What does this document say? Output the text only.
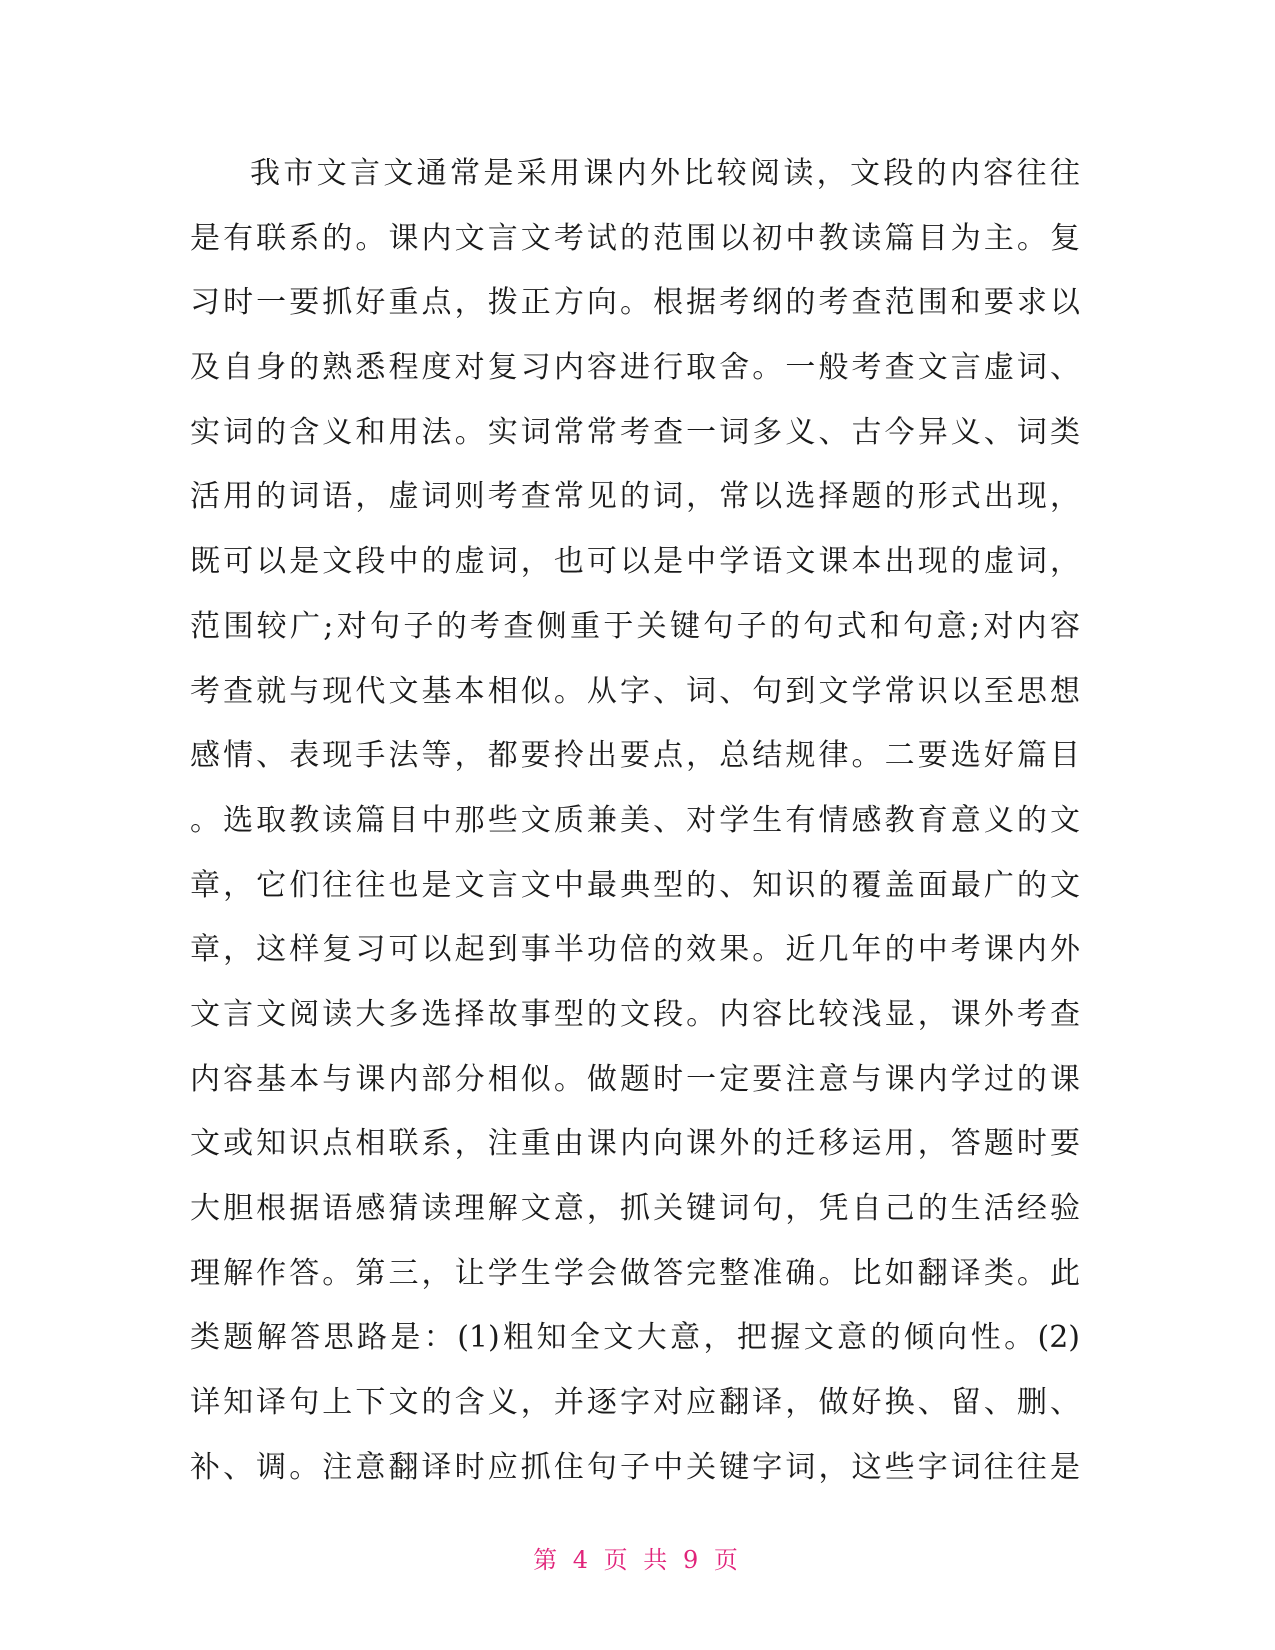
我市文言文通常是采用课内外比较阅读，文段的内容往往
是有联系的。课内文言文考试的范围以初中教读篇目为主。复
习时一要抓好重点，拨正方向。根据考纲的考查范围和要求以
及自身的熟悉程度对复习内容进行取舍。一般考查文言虚词、
实词的含义和用法。实词常常考查一词多义、古今异义、词类
活用的词语，虚词则考查常见的词，常以选择题的形式出现，
既可以是文段中的虚词，也可以是中学语文课本出现的虚词，
范围较广;对句子的考查侧重于关键句子的句式和句意;对内容
考查就与现代文基本相似。从字、词、句到文学常识以至思想
感情、表现手法等，都要拎出要点，总结规律。二要选好篇目
。选取教读篇目中那些文质兼美、对学生有情感教育意义的文
章，它们往往也是文言文中最典型的、知识的覆盖面最广的文
章，这样复习可以起到事半功倍的效果。近几年的中考课内外
文言文阅读大多选择故事型的文段。内容比较浅显，课外考查
内容基本与课内部分相似。做题时一定要注意与课内学过的课
文或知识点相联系，注重由课内向课外的迁移运用，答题时要
大胆根据语感猜读理解文意，抓关键词句，凭自己的生活经验
理解作答。第三，让学生学会做答完整准确。比如翻译类。此
类题解答思路是：(1)粗知全文大意，把握文意的倾向性。(2)
详知译句上下文的含义，并逐字对应翻译，做好换、留、删、
补、调。注意翻译时应抓住句子中关键字词，这些字词往往是
第 4 页 共 9 页
